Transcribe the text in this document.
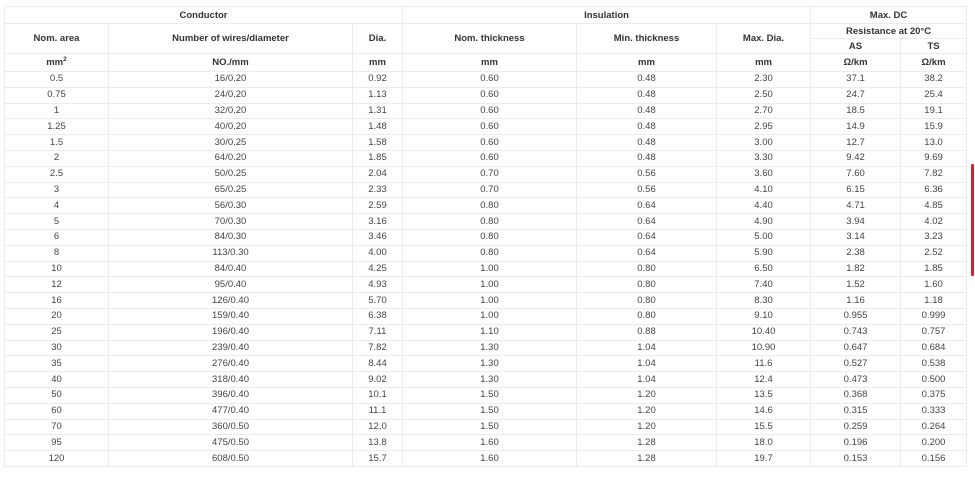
Conductor			Insulation			Max. DC	
Nom. area	Number of wires/diameter	Dia.	Nom. thickness	Min. thickness	Max. Dia.	Resistance at 20°C	
						AS	TS
$mm^2$	NO./mm	mm	mm	mm	mm	Ω/km	Ω/km
0.5	16/0.20	0.92	0.60	0.48	2.30	37.1	38.2
0.75	24/0.20	1.13	0.60	0.48	2.50	24.7	25.4
1	32/0.20	1.31	0.60	0.48	2.70	18.5	19.1
1.25	40/0.20	1.48	0.60	0.48	2.95	14.9	15.9
1.5	30/0.25	1.58	0.60	0.48	3.00	12.7	13.0
2	64/0.20	1.85	0.60	0.48	3.30	9.42	9.69
2.5	50/0.25	2.04	0.70	0.56	3.60	7.60	7.82
3	65/0.25	2.33	0.70	0.56	4.10	6.15	6.36
4	56/0.30	2.59	0.80	0.64	4.40	4.71	4.85
5	70/0.30	3.16	0.80	0.64	4.90	3.94	4.02
6	84/0.30	3.46	0.80	0.64	5.00	3.14	3.23
8	113/0.30	4.00	0.80	0.64	5.90	2.38	2.52
10	84/0.40	4.25	1.00	0.80	6.50	1.82	1.85
12	95/0.40	4.93	1.00	0.80	7.40	1.52	1.60
16	126/0.40	5.70	1.00	0.80	8.30	1.16	1.18
20	159/0.40	6.38	1.00	0.80	9.10	0.955	0.999
25	196/0.40	7.11	1.10	0.88	10.40	0.743	0.757
30	239/0.40	7.82	1.30	1.04	10.90	0.647	0.684
35	276/0.40	8.44	1.30	1.04	11.6	0.527	0.538
40	318/0.40	9.02	1.30	1.04	12.4	0.473	0.500
50	396/0.40	10.1	1.50	1.20	13.5	0.368	0.375
60	477/0.40	11.1	1.50	1.20	14.6	0.315	0.333
70	360/0.50	12.0	1.50	1.20	15.5	0.259	0.264
95	475/0.50	13.8	1.60	1.28	18.0	0.196	0.200
120	608/0.50	15.7	1.60	1.28	19.7	0.153	0.156
